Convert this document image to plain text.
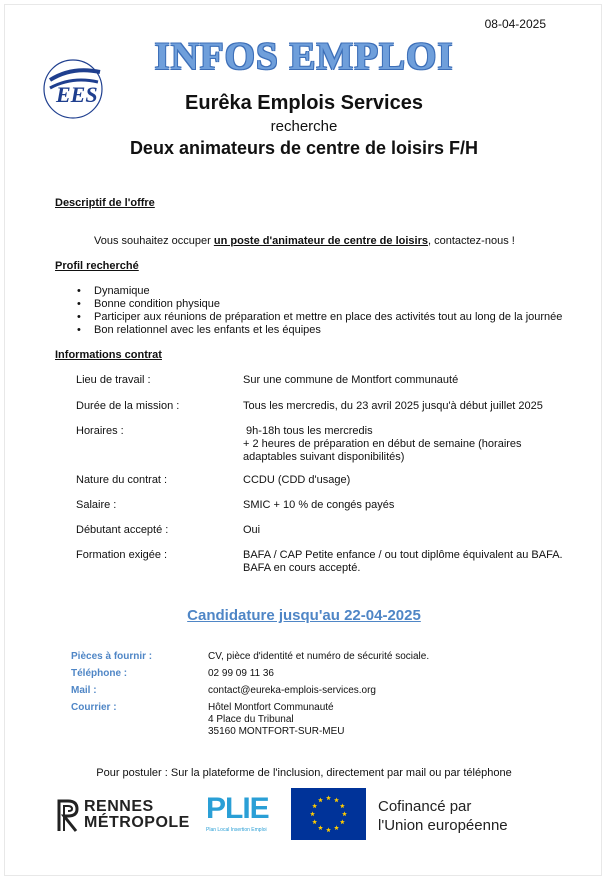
08-04-2025
INFOS EMPLOI
EES	Eurêka Emplois Services
recherche
Deux animateurs de centre de loisirs F/H
Descriptif de l'offre
Vous souhaitez occuper un poste d'animateur de centre de loisirs, contactez-nous !
Profil recherché
• Dynamique
• Bonne condition physique
• Participer aux réunions de préparation et mettre en place des activités tout au long de la journée
• Bon relationnel avec les enfants et les équipes
Informations contrat
Lieu de travail :	Sur une commune de Montfort communauté
Durée de la mission :	Tous les mercredis, du 23 avril 2025 jusqu'à début juillet 2025
Horaires :	9h-18h tous les mercredis
+ 2 heures de préparation en début de semaine (horaires
adaptables suivant disponibilités)
Nature du contrat :	CCDU (CDD d'usage)
Salaire :	SMIC + 10 % de congés payés
Débutant accepté :	Oui
Formation exigée :	BAFA / CAP Petite enfance / ou tout diplôme équivalent au BAFA.
BAFA en cours accepté.
Candidature jusqu'au 22-04-2025
Pièces à fournir :	CV, pièce d'identité et numéro de sécurité sociale.
Téléphone :	02 99 09 11 36
Mail :	contact@eureka-emplois-services.org
Courrier :	Hôtel Montfort Communauté
4 Place du Tribunal
35160 MONTFORT-SUR-MEU
Pour postuler : Sur la plateforme de l'inclusion, directement par mail ou par téléphone
RENNES
MÉTROPOLE PLIE
Plan Local Insertion Emploi
Cofinancé par
l'Union européenne
